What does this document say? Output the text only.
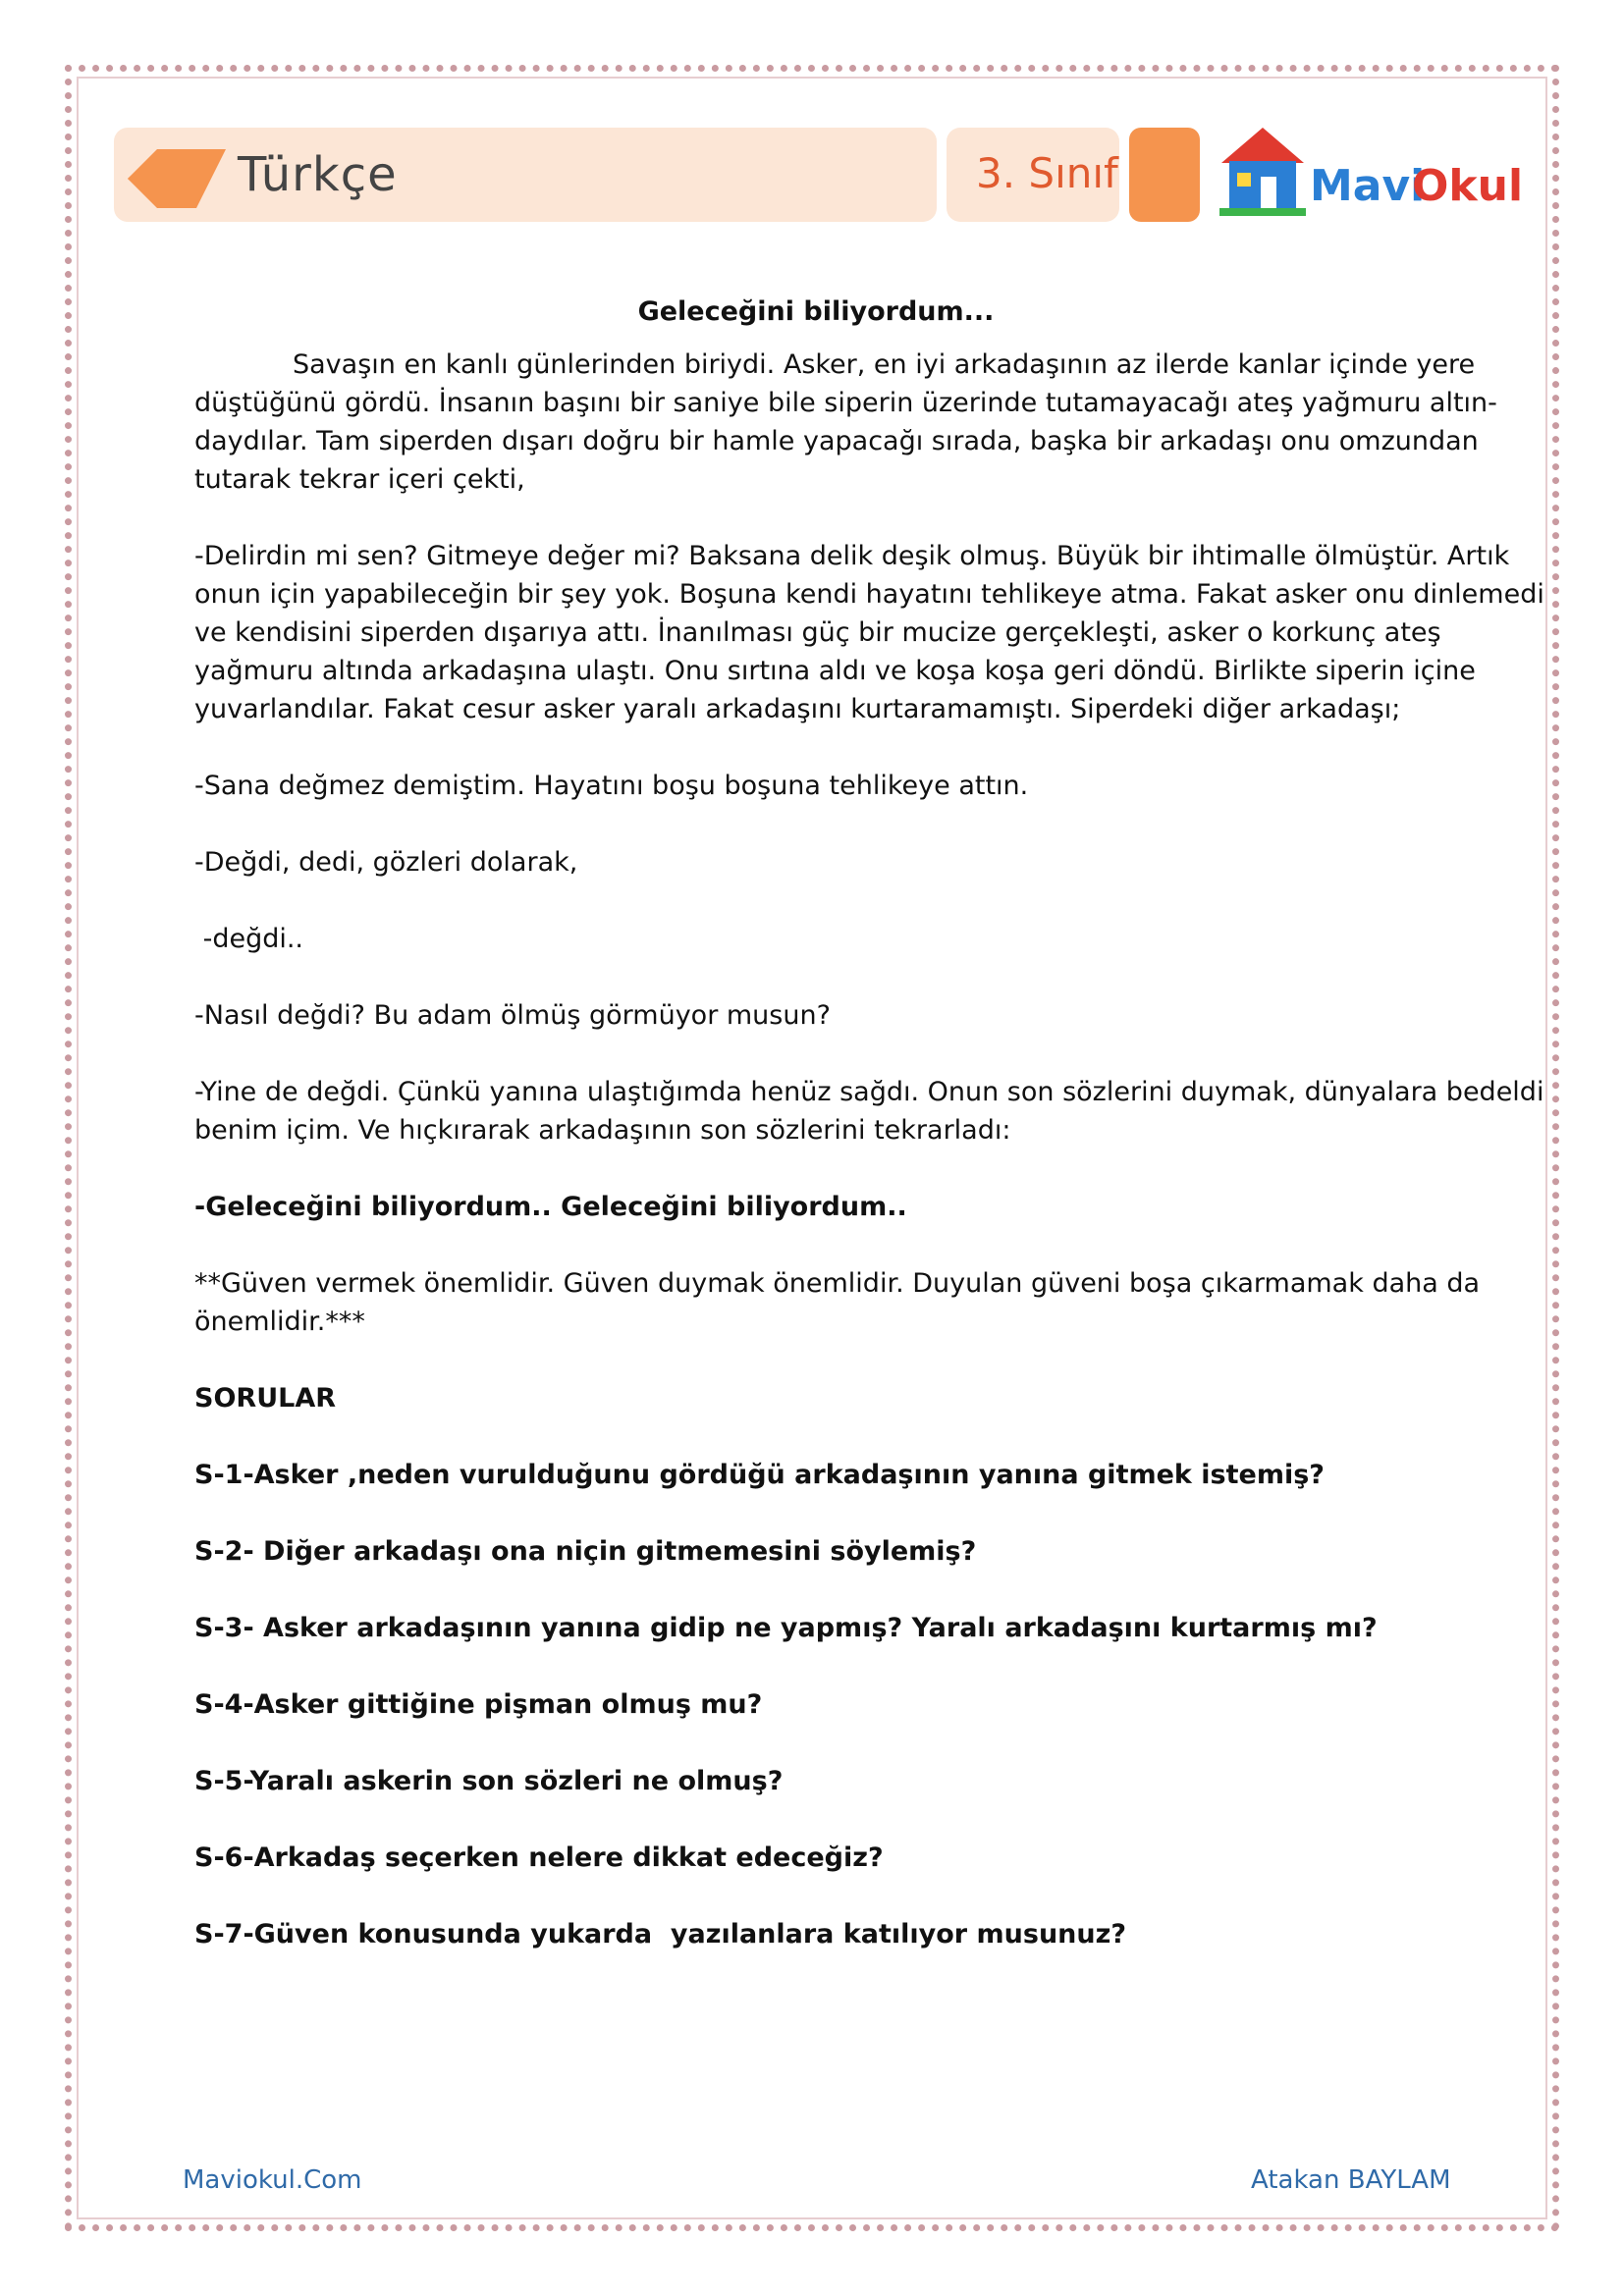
Türkçe	3. Sınıf	Mavi
Okul
Geleceğini biliyordum...
Savaşın en kanlı günlerinden biriydi. Asker, en iyi arkadaşının az ilerde kanlar içinde yere
düştüğünü gördü. İnsanın başını bir saniye bile siperin üzerinde tutamayacağı ateş yağmuru altın-
daydılar. Tam siperden dışarı doğru bir hamle yapacağı sırada, başka bir arkadaşı onu omzundan
tutarak tekrar içeri çekti,
-Delirdin mi sen? Gitmeye değer mi? Baksana delik deşik olmuş. Büyük bir ihtimalle ölmüştür. Artık
onun için yapabileceğin bir şey yok. Boşuna kendi hayatını tehlikeye atma. Fakat asker onu dinlemedi
ve kendisini siperden dışarıya attı. İnanılması güç bir mucize gerçekleşti, asker o korkunç ateş
yağmuru altında arkadaşına ulaştı. Onu sırtına aldı ve koşa koşa geri döndü. Birlikte siperin içine
yuvarlandılar. Fakat cesur asker yaralı arkadaşını kurtaramamıştı. Siperdeki diğer arkadaşı;
-Sana değmez demiştim. Hayatını boşu boşuna tehlikeye attın.
-Değdi, dedi, gözleri dolarak,
-değdi..
-Nasıl değdi? Bu adam ölmüş görmüyor musun?
-Yine de değdi. Çünkü yanına ulaştığımda henüz sağdı. Onun son sözlerini duymak, dünyalara bedeldi
benim içim. Ve hıçkırarak arkadaşının son sözlerini tekrarladı:
-Geleceğini biliyordum.. Geleceğini biliyordum..
**Güven vermek önemlidir. Güven duymak önemlidir. Duyulan güveni boşa çıkarmamak daha da
önemlidir.***
SORULAR
S-1-Asker ,neden vurulduğunu gördüğü arkadaşının yanına gitmek istemiş?
S-2- Diğer arkadaşı ona niçin gitmemesini söylemiş?
S-3- Asker arkadaşının yanına gidip ne yapmış? Yaralı arkadaşını kurtarmış mı?
S-4-Asker gittiğine pişman olmuş mu?
S-5-Yaralı askerin son sözleri ne olmuş?
S-6-Arkadaş seçerken nelere dikkat edeceğiz?
S-7-Güven konusunda yukarda  yazılanlara katılıyor musunuz?
Maviokul.Com	Atakan BAYLAM
